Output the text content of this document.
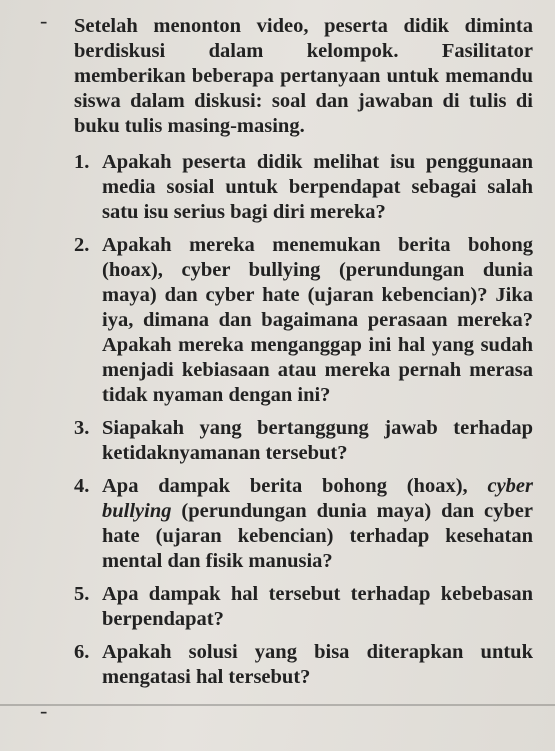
- Setelah menonton video, peserta didik diminta berdiskusi dalam kelompok. Fasilitator memberikan beberapa pertanyaan untuk memandu siswa dalam diskusi: soal dan jawaban di tulis di buku tulis masing-masing.

1. Apakah peserta didik melihat isu penggunaan media sosial untuk berpendapat sebagai salah satu isu serius bagi diri mereka?
2. Apakah mereka menemukan berita bohong (hoax), cyber bullying (perundungan dunia maya) dan cyber hate (ujaran kebencian)? Jika iya, dimana dan bagaimana perasaan mereka? Apakah mereka menganggap ini hal yang sudah menjadi kebiasaan atau mereka pernah merasa tidak nyaman dengan ini?
3. Siapakah yang bertanggung jawab terhadap ketidaknyamanan tersebut?
4. Apa dampak berita bohong (hoax), cyber bullying (perundungan dunia maya) dan cyber hate (ujaran kebencian) terhadap kesehatan mental dan fisik manusia?
5. Apa dampak hal tersebut terhadap kebebasan berpendapat?
6. Apakah solusi yang bisa diterapkan untuk mengatasi hal tersebut?
-
